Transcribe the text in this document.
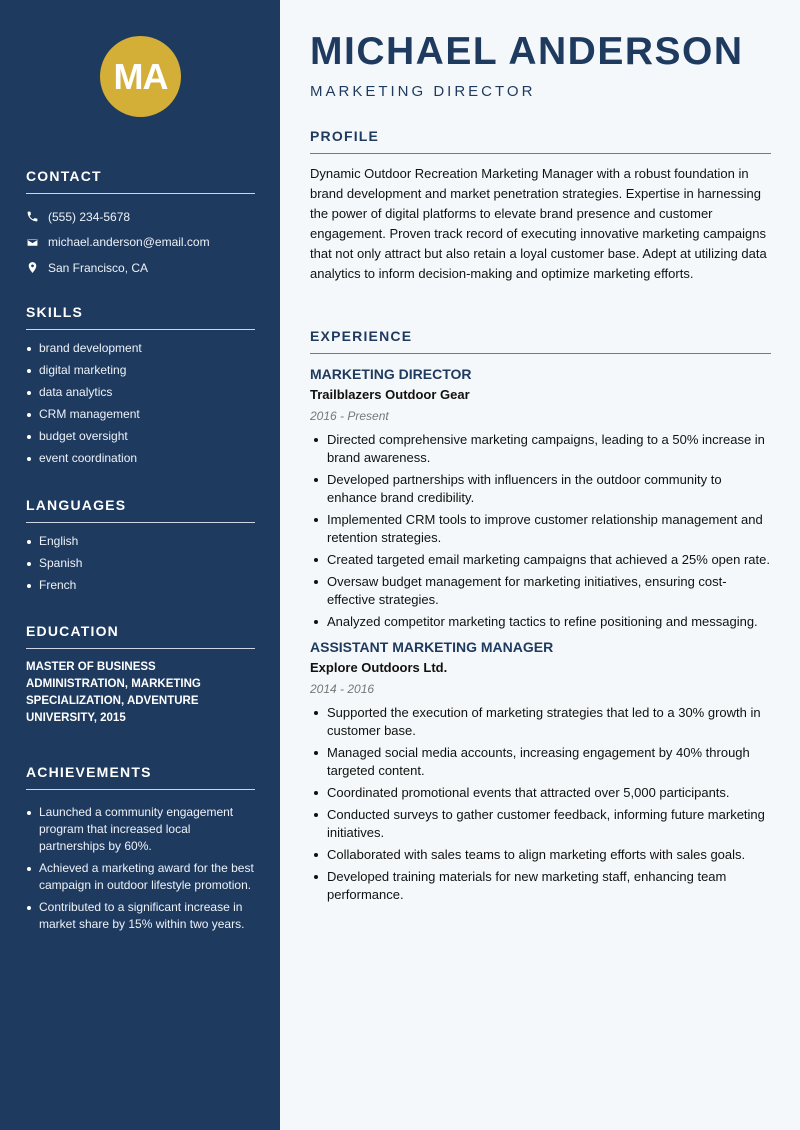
MA
CONTACT
(555) 234-5678
michael.anderson@email.com
San Francisco, CA
SKILLS
brand development
digital marketing
data analytics
CRM management
budget oversight
event coordination
LANGUAGES
English
Spanish
French
EDUCATION
MASTER OF BUSINESS ADMINISTRATION, MARKETING SPECIALIZATION, ADVENTURE UNIVERSITY, 2015
ACHIEVEMENTS
Launched a community engagement program that increased local partnerships by 60%.
Achieved a marketing award for the best campaign in outdoor lifestyle promotion.
Contributed to a significant increase in market share by 15% within two years.
MICHAEL ANDERSON
MARKETING DIRECTOR
PROFILE
Dynamic Outdoor Recreation Marketing Manager with a robust foundation in brand development and market penetration strategies. Expertise in harnessing the power of digital platforms to elevate brand presence and customer engagement. Proven track record of executing innovative marketing campaigns that not only attract but also retain a loyal customer base. Adept at utilizing data analytics to inform decision-making and optimize marketing efforts.
EXPERIENCE
MARKETING DIRECTOR
Trailblazers Outdoor Gear
2016 - Present
Directed comprehensive marketing campaigns, leading to a 50% increase in brand awareness.
Developed partnerships with influencers in the outdoor community to enhance brand credibility.
Implemented CRM tools to improve customer relationship management and retention strategies.
Created targeted email marketing campaigns that achieved a 25% open rate.
Oversaw budget management for marketing initiatives, ensuring cost-effective strategies.
Analyzed competitor marketing tactics to refine positioning and messaging.
ASSISTANT MARKETING MANAGER
Explore Outdoors Ltd.
2014 - 2016
Supported the execution of marketing strategies that led to a 30% growth in customer base.
Managed social media accounts, increasing engagement by 40% through targeted content.
Coordinated promotional events that attracted over 5,000 participants.
Conducted surveys to gather customer feedback, informing future marketing initiatives.
Collaborated with sales teams to align marketing efforts with sales goals.
Developed training materials for new marketing staff, enhancing team performance.
